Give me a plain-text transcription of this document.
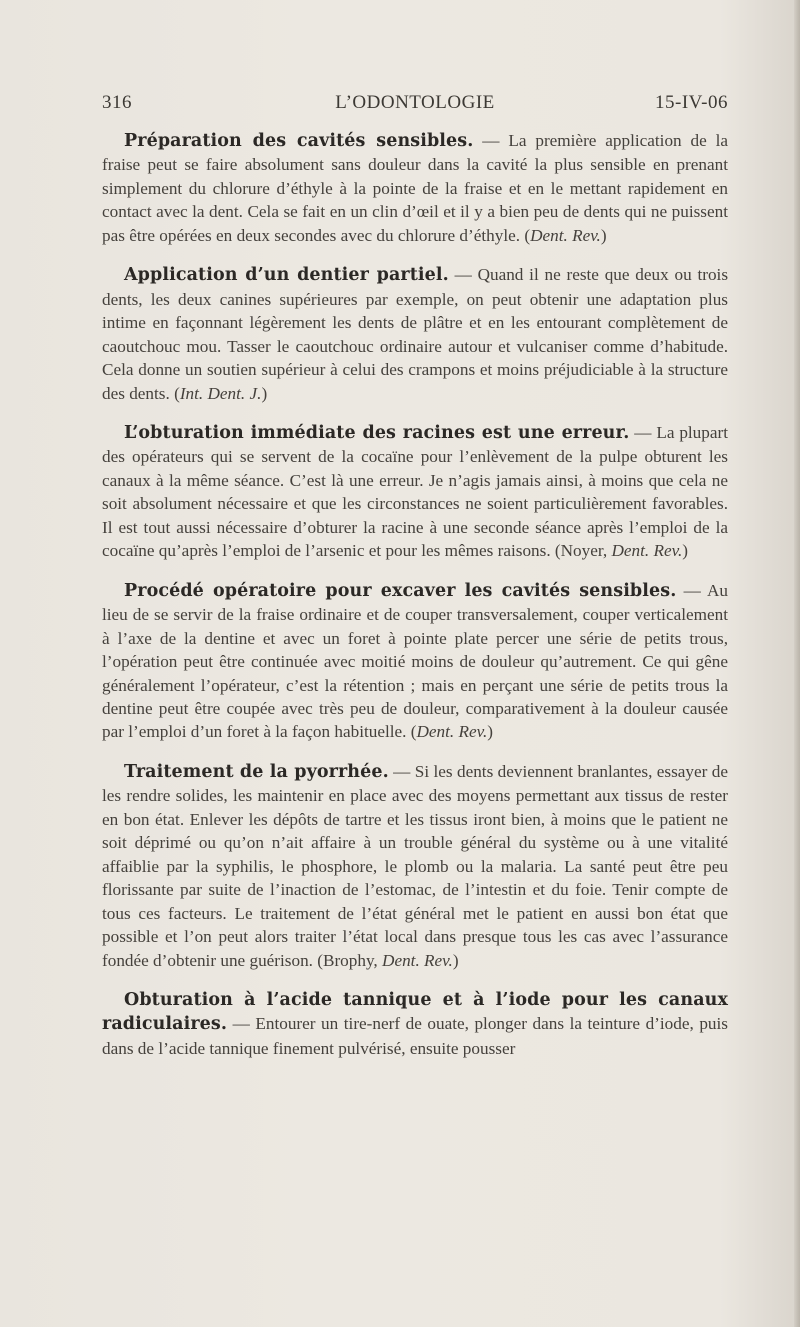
316	L’ODONTOLOGIE	15-IV-06

Préparation des cavités sensibles. — La première application de la fraise peut se faire absolument sans douleur dans la cavité la plus sensible en prenant simplement du chlorure d’éthyle à la pointe de la fraise et en le mettant rapidement en contact avec la dent. Cela se fait en un clin d’œil et il y a bien peu de dents qui ne puissent pas être opérées en deux secondes avec du chlorure d’éthyle. (Dent. Rev.)

Application d’un dentier partiel. — Quand il ne reste que deux ou trois dents, les deux canines supérieures par exemple, on peut obtenir une adaptation plus intime en façonnant légèrement les dents de plâtre et en les entourant complètement de caoutchouc mou. Tasser le caoutchouc ordinaire autour et vulcaniser comme d’habitude. Cela donne un soutien supérieur à celui des crampons et moins préjudiciable à la structure des dents. (Int. Dent. J.)

L’obturation immédiate des racines est une erreur. — La plupart des opérateurs qui se servent de la cocaïne pour l’enlèvement de la pulpe obturent les canaux à la même séance. C’est là une erreur. Je n’agis jamais ainsi, à moins que cela ne soit absolument nécessaire et que les circonstances ne soient particulièrement favorables. Il est tout aussi nécessaire d’obturer la racine à une seconde séance après l’emploi de la cocaïne qu’après l’emploi de l’arsenic et pour les mêmes raisons. (Noyer, Dent. Rev.)

Procédé opératoire pour excaver les cavités sensibles. — Au lieu de se servir de la fraise ordinaire et de couper transversalement, couper verticalement à l’axe de la dentine et avec un foret à pointe plate percer une série de petits trous, l’opération peut être continuée avec moitié moins de douleur qu’autrement. Ce qui gêne généralement l’opérateur, c’est la rétention ; mais en perçant une série de petits trous la dentine peut être coupée avec très peu de douleur, comparativement à la douleur causée par l’emploi d’un foret à la façon habituelle. (Dent. Rev.)

Traitement de la pyorrhée. — Si les dents deviennent branlantes, essayer de les rendre solides, les maintenir en place avec des moyens permettant aux tissus de rester en bon état. Enlever les dépôts de tartre et les tissus iront bien, à moins que le patient ne soit déprimé ou qu’on n’ait affaire à un trouble général du système ou à une vitalité affaiblie par la syphilis, le phosphore, le plomb ou la malaria. La santé peut être peu florissante par suite de l’inaction de l’estomac, de l’intestin et du foie. Tenir compte de tous ces facteurs. Le traitement de l’état général met le patient en aussi bon état que possible et l’on peut alors traiter l’état local dans presque tous les cas avec l’assurance fondée d’obtenir une guérison. (Brophy, Dent. Rev.)

Obturation à l’acide tannique et à l’iode pour les canaux radiculaires. — Entourer un tire-nerf de ouate, plonger dans la teinture d’iode, puis dans de l’acide tannique finement pulvérisé, ensuite pousser
